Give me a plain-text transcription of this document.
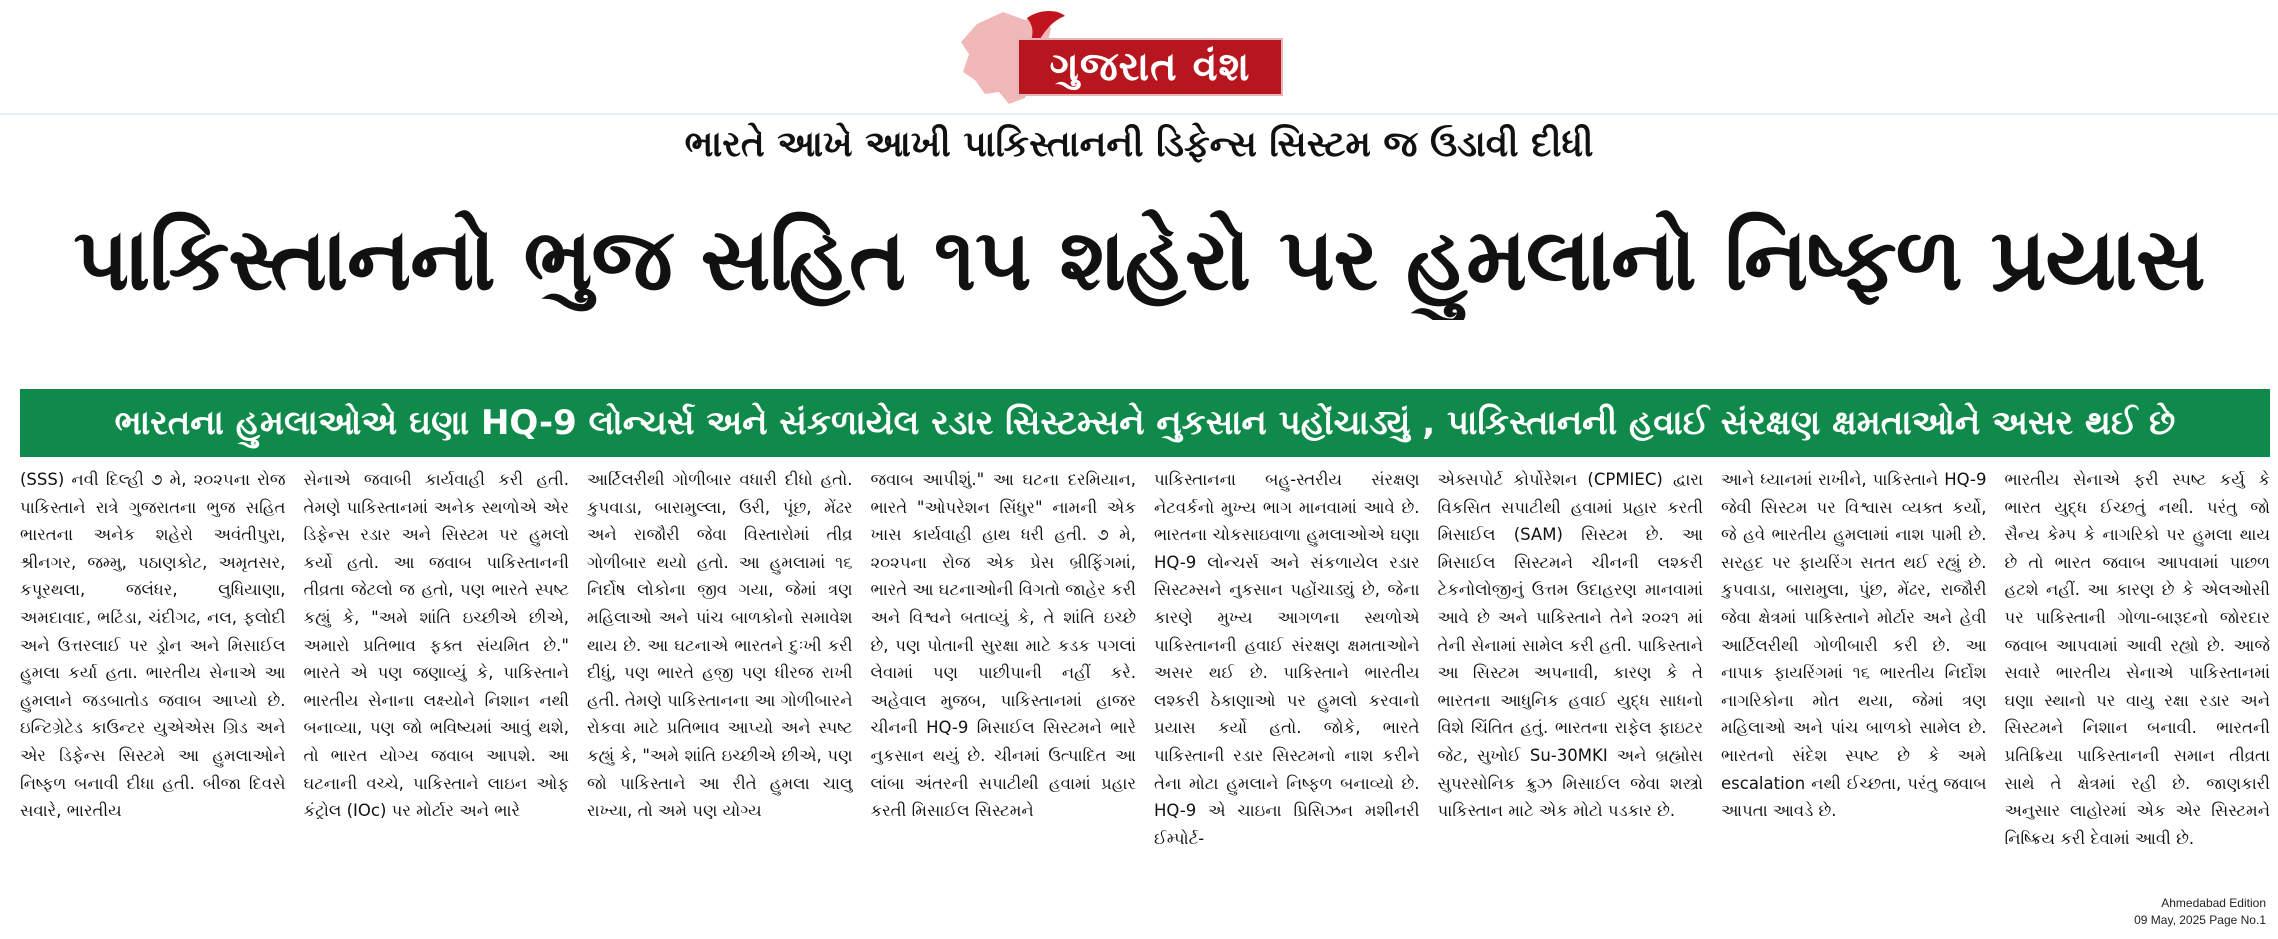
ગુજરાત વંશ
ભારતે આખે આખી પાકિસ્તાનની ડિફેન્સ સિસ્ટમ જ ઉડાવી દીધી
પાકિસ્તાનનો ભુજ સહિત ૧૫ શહેરો પર હુમલાનો નિષ્ફળ પ્રયાસ
ભારતના હુમલાઓએ ઘણા HQ-9 લોન્ચર્સ અને સંકળાયેલ રડાર સિસ્ટમ્સને નુકસાન પહોંચાડ્યું , પાકિસ્તાનની હવાઈ સંરક્ષણ ક્ષમતાઓને અસર થઈ છે
(SSS) નવી દિલ્હી ૭ મે, ૨૦૨૫ના રોજ પાકિસ્તાને રાત્રે ગુજરાતના ભુજ સહિત ભારતના અનેક શહેરો અવંતીપુરા, શ્રીનગર, જમ્મુ, પઠાણકોટ, અમૃતસર, કપૂરથલા, જલંધર, લુધિયાણા, અમદાવાદ, ભટિંડા, ચંદીગઢ, નલ, ફલોદી અને ઉત્તરલાઈ પર ડ્રોન અને મિસાઈલ હુમલા કર્યા હતા. ભારતીય સેનાએ આ હુમલાને જડબાતોડ જવાબ આપ્યો છે. ઇન્ટિગ્રેટેડ કાઉન્ટર યુએએસ ગ્રિડ અને એર ડિફેન્સ સિસ્ટમે આ હુમલાઓને નિષ્ફળ બનાવી દીધા હતી. બીજા દિવસે સવારે, ભારતીય
સેનાએ જવાબી કાર્યવાહી કરી હતી. તેમણે પાકિસ્તાનમાં અનેક સ્થળોએ એર ડિફેન્સ રડાર અને સિસ્ટમ પર હુમલો કર્યો હતો. આ જવાબ પાકિસ્તાનની તીવ્રતા જેટલો જ હતો, પણ ભારતે સ્પષ્ટ કહ્યું કે, "અમે શાંતિ ઇચ્છીએ છીએ, અમારો પ્રતિભાવ ફક્ત સંયમિત છે." ભારતે એ પણ જણાવ્યું કે, પાકિસ્તાને ભારતીય સેનાના લક્ષ્યોને નિશાન નથી બનાવ્યા, પણ જો ભવિષ્યમાં આવું થશે, તો ભારત યોગ્ય જવાબ આપશે. આ ઘટનાની વચ્ચે, પાકિસ્તાને લાઇન ઓફ કંટ્રોલ (IOc) પર મોર્ટાર અને ભારે
આર્ટિલરીથી ગોળીબાર વધારી દીધો હતો. કુપવાડા, બારામુલ્લા, ઉરી, પૂંછ, મેંઢર અને રાજૌરી જેવા વિસ્તારોમાં તીવ્ર ગોળીબાર થયો હતો. આ હુમલામાં ૧૬ નિર્દોષ લોકોના જીવ ગયા, જેમાં ત્રણ મહિલાઓ અને પાંચ બાળકોનો સમાવેશ થાય છે. આ ઘટનાએ ભારતને દુઃખી કરી દીધું, પણ ભારતે હજી પણ ધીરજ રાખી હતી. તેમણે પાકિસ્તાનના આ ગોળીબારને રોકવા માટે પ્રતિભાવ આપ્યો અને સ્પષ્ટ કહ્યું કે, "અમે શાંતિ ઇચ્છીએ છીએ, પણ જો પાકિસ્તાને આ રીતે હુમલા ચાલુ રાખ્યા, તો અમે પણ યોગ્ય
જવાબ આપીશું." આ ઘટના દરમિયાન, ભારતે "ઓપરેશન સિંધુર" નામની એક ખાસ કાર્યવાહી હાથ ધરી હતી. ૭ મે, ૨૦૨૫ના રોજ એક પ્રેસ બ્રીફિંગમાં, ભારતે આ ઘટનાઓની વિગતો જાહેર કરી અને વિશ્વને બતાવ્યું કે, તે શાંતિ ઇચ્છે છે, પણ પોતાની સુરક્ષા માટે કડક પગલાં લેવામાં પણ પાછીપાની નહીં કરે. અહેવાલ મુજબ, પાકિસ્તાનમાં હાજર ચીનની HQ-9 મિસાઈલ સિસ્ટમને ભારે નુકસાન થયું છે. ચીનમાં ઉત્પાદિત આ લાંબા અંતરની સપાટીથી હવામાં પ્રહાર કરતી મિસાઈલ સિસ્ટમને
પાકિસ્તાનના બહુ-સ્તરીય સંરક્ષણ નેટવર્કનો મુખ્ય ભાગ માનવામાં આવે છે. ભારતના ચોકસાઇવાળા હુમલાઓએ ઘણા HQ-9 લોન્ચર્સ અને સંકળાયેલ રડાર સિસ્ટમ્સને નુકસાન પહોંચાડ્યું છે, જેના કારણે મુખ્ય આગળના સ્થળોએ પાકિસ્તાનની હવાઈ સંરક્ષણ ક્ષમતાઓને અસર થઈ છે. પાકિસ્તાને ભારતીય લશ્કરી ઠેકાણાઓ પર હુમલો કરવાનો પ્રયાસ કર્યો હતો. જોકે, ભારતે પાકિસ્તાની રડાર સિસ્ટમનો નાશ કરીને તેના મોટા હુમલાને નિષ્ફળ બનાવ્યો છે. HQ-9 એ ચાઇના પ્રિસિઝન મશીનરી ઈમ્પોર્ટ-
એક્સપોર્ટ કોર્પોરેશન (CPMIEC) દ્વારા વિકસિત સપાટીથી હવામાં પ્રહાર કરતી મિસાઈલ (SAM) સિસ્ટમ છે. આ મિસાઈલ સિસ્ટમને ચીનની લશ્કરી ટેકનોલોજીનું ઉત્તમ ઉદાહરણ માનવામાં આવે છે અને પાકિસ્તાને તેને ૨૦૨૧ માં તેની સેનામાં સામેલ કરી હતી. પાકિસ્તાને આ સિસ્ટમ અપનાવી, કારણ કે તે ભારતના આધુનિક હવાઈ યુદ્ધ સાધનો વિશે ચિંતિત હતું. ભારતના રાફેલ ફાઇટર જેટ, સુખોઈ Su-30MKI અને બ્રહ્મોસ સુપરસોનિક ક્રુઝ મિસાઈલ જેવા શસ્ત્રો પાકિસ્તાન માટે એક મોટો પડકાર છે.
આને ધ્યાનમાં રાખીને, પાકિસ્તાને HQ-9 જેવી સિસ્ટમ પર વિશ્વાસ વ્યક્ત કર્યો, જે હવે ભારતીય હુમલામાં નાશ પામી છે. સરહદ પર ફાયરિંગ સતત થઈ રહ્યું છે. કુપવાડા, બારામુલા, પુંછ, મેંઢર, રાજૌરી જેવા ક્ષેત્રમાં પાકિસ્તાને મોર્ટાર અને હેવી આર્ટિલરીથી ગોળીબારી કરી છે. આ નાપાક ફાયરિંગમાં ૧૬ ભારતીય નિર્દોશ નાગરિકોના મોત થયા, જેમાં ત્રણ મહિલાઓ અને પાંચ બાળકો સામેલ છે. ભારતનો સંદેશ સ્પષ્ટ છે કે અમે escalation નથી ઈચ્છતા, પરંતુ જવાબ આપતા આવડે છે.
ભારતીય સેનાએ ફરી સ્પષ્ટ કર્યુ કે ભારત યુદ્ધ ઈચ્છતું નથી. પરંતુ જો સૈન્ય કેમ્પ કે નાગરિકો પર હુમલા થાય છે તો ભારત જવાબ આપવામાં પાછળ હટશે નહીં. આ કારણ છે કે એલઓસી પર પાકિસ્તાની ગોળા-બારૂદનો જોરદાર જવાબ આપવામાં આવી રહ્યો છે. આજે સવારે ભારતીય સેનાએ પાકિસ્તાનમાં ઘણા સ્થાનો પર વાયુ રક્ષા રડાર અને સિસ્ટમને નિશાન બનાવી. ભારતની પ્રતિક્રિયા પાકિસ્તાનની સમાન તીવ્રતા સાથે તે ક્ષેત્રમાં રહી છે. જાણકારી અનુસાર લાહોરમાં એક એર સિસ્ટમને નિષ્ક્રિય કરી દેવામાં આવી છે.
Ahmedabad Edition
09 May, 2025 Page No.1
